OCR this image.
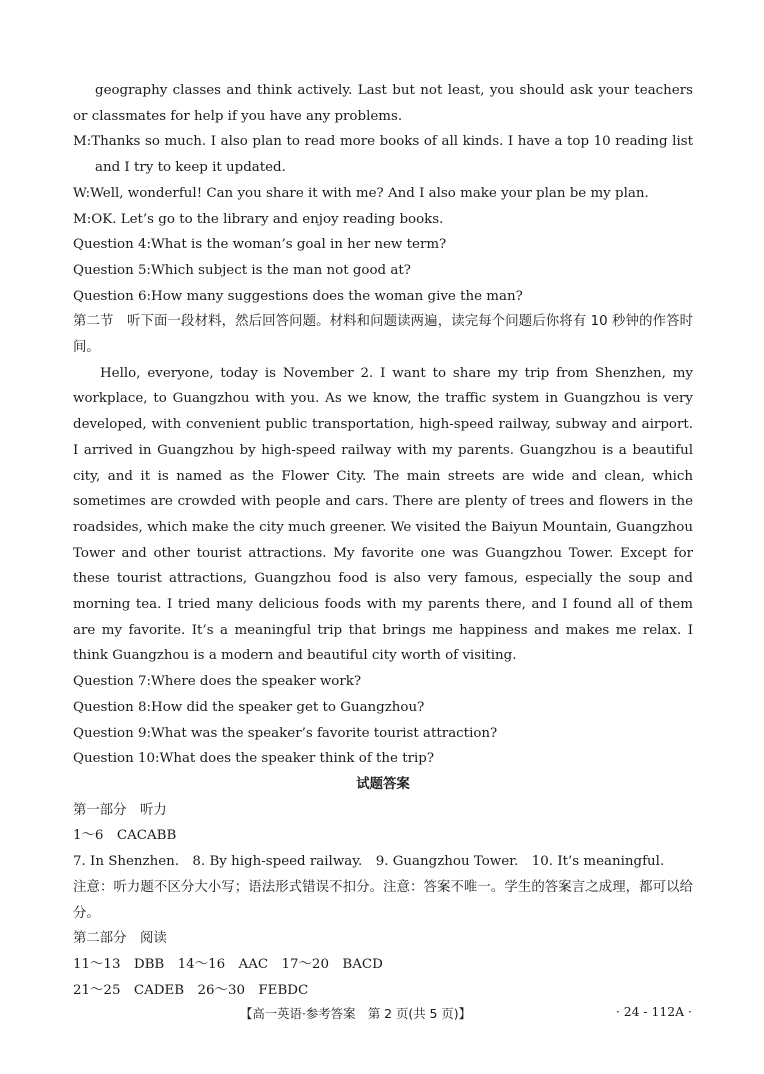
geography classes and think actively. Last but not least, you should ask your teachers or classmates for help if you have any problems.

M:Thanks so much. I also plan to read more books of all kinds. I have a top 10 reading list and I try to keep it updated.

W:Well, wonderful! Can you share it with me? And I also make your plan be my plan.

M:OK. Let’s go to the library and enjoy reading books.

Question 4:What is the woman’s goal in her new term?

Question 5:Which subject is the man not good at?

Question 6:How many suggestions does the woman give the man?

第二节　听下面一段材料，然后回答问题。材料和问题读两遍，读完每个问题后你将有 10 秒钟的作答时间。

Hello, everyone, today is November 2. I want to share my trip from Shenzhen, my workplace, to Guangzhou with you. As we know, the traffic system in Guangzhou is very developed, with convenient public transportation, high-speed railway, subway and airport. I arrived in Guangzhou by high-speed railway with my parents. Guangzhou is a beautiful city, and it is named as the Flower City. The main streets are wide and clean, which sometimes are crowded with people and cars. There are plenty of trees and flowers in the roadsides, which make the city much greener. We visited the Baiyun Mountain, Guangzhou Tower and other tourist attractions. My favorite one was Guangzhou Tower. Except for these tourist attractions, Guangzhou food is also very famous, especially the soup and morning tea. I tried many delicious foods with my parents there, and I found all of them are my favorite. It’s a meaningful trip that brings me happiness and makes me relax. I think Guangzhou is a modern and beautiful city worth of visiting.

Question 7:Where does the speaker work?

Question 8:How did the speaker get to Guangzhou?

Question 9:What was the speaker’s favorite tourist attraction?

Question 10:What does the speaker think of the trip?

试题答案

第一部分　听力

1～6　CACABB

7. In Shenzhen.　8. By high-speed railway.　9. Guangzhou Tower.　10. It’s meaningful.

注意：听力题不区分大小写；语法形式错误不扣分。注意：答案不唯一。学生的答案言之成理，都可以给分。

第二部分　阅读

11～13　DBB　14～16　AAC　17～20　BACD

21～25　CADEB　26～30　FEBDC

【高一英语·参考答案　第 2 页(共 5 页)】	· 24 - 112A ·
